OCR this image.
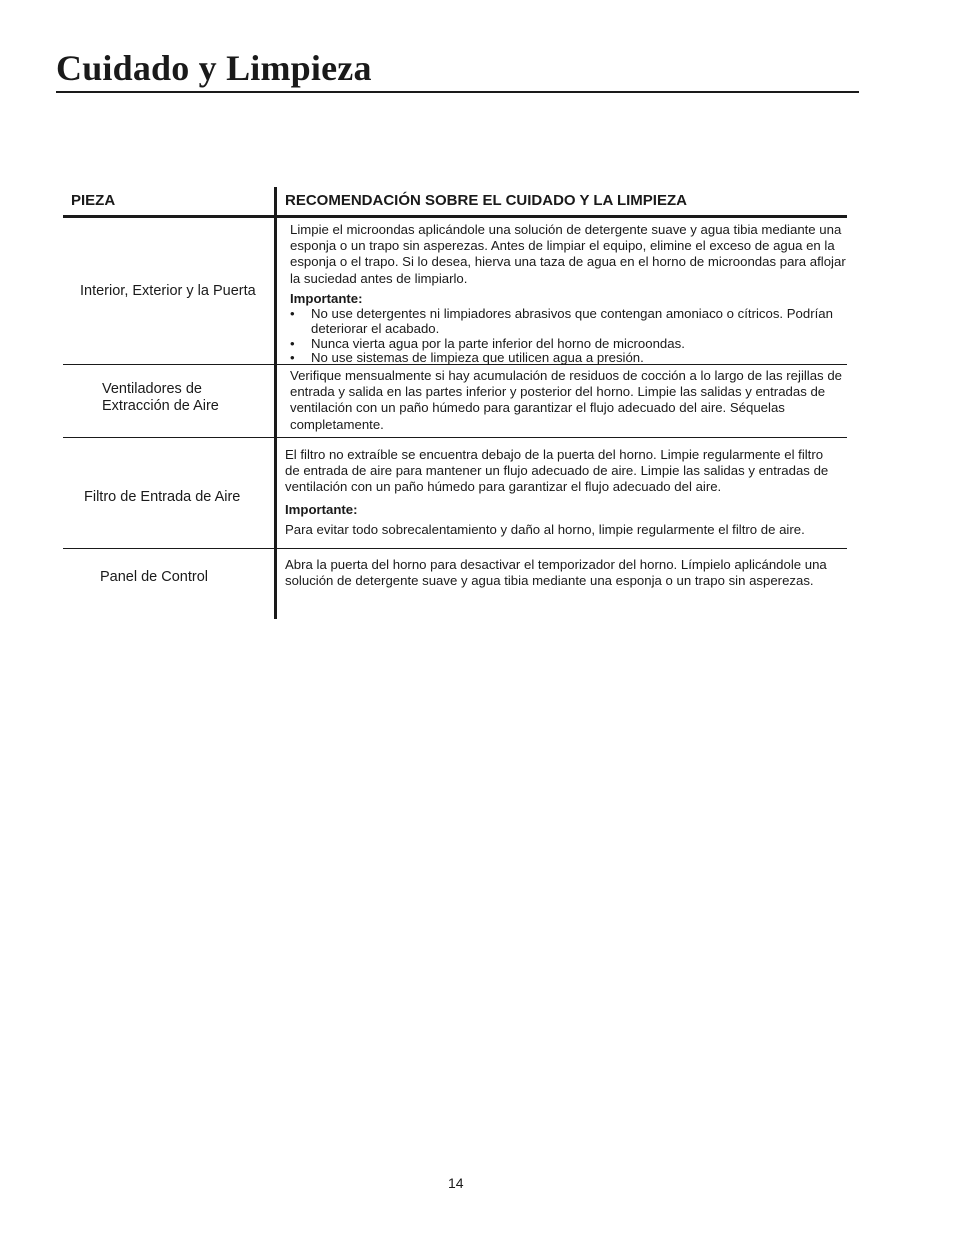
Cuidado y Limpieza
PIEZA	RECOMENDACIÓN SOBRE EL CUIDADO Y LA LIMPIEZA
Interior, Exterior y la Puerta

Limpie el microondas aplicándole una solución de detergente suave y agua tibia mediante una esponja o un trapo sin asperezas. Antes de limpiar el equipo, elimine el exceso de agua en la esponja o el trapo. Si lo desea, hierva una taza de agua en el horno de microondas para aflojar la suciedad antes de limpiarlo.

Importante:

• No use detergentes ni limpiadores abrasivos que contengan amoniaco o cítricos. Podrían deteriorar el acabado.
• Nunca vierta agua por la parte inferior del horno de microondas.
• No use sistemas de limpieza que utilicen agua a presión.
Ventiladores de
Extracción de Aire

Verifique mensualmente si hay acumulación de residuos de cocción a lo largo de las rejillas de entrada y salida en las partes inferior y posterior del horno. Limpie las salidas y entradas de ventilación con un paño húmedo para garantizar el flujo adecuado del aire. Séquelas completamente.

Filtro de Entrada de Aire

El filtro no extraíble se encuentra debajo de la puerta del horno. Limpie regularmente el filtro de entrada de aire para mantener un flujo adecuado de aire. Limpie las salidas y entradas de ventilación con un paño húmedo para garantizar el flujo adecuado del aire.

Importante:

Para evitar todo sobrecalentamiento y daño al horno, limpie regularmente el filtro de aire.

Panel de Control

Abra la puerta del horno para desactivar el temporizador del horno. Límpielo aplicándole una solución de detergente suave y agua tibia mediante una esponja o un trapo sin asperezas.

14
